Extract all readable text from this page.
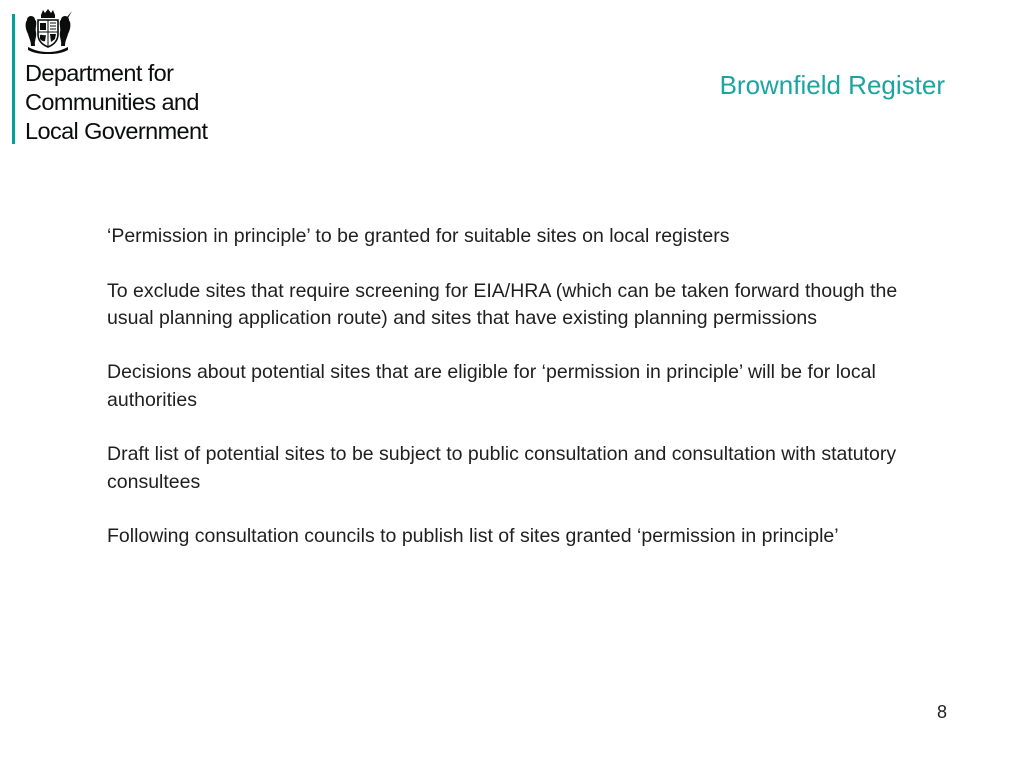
Department for
Communities and
Local Government
Brownfield Register

‘Permission in principle’ to be granted for suitable sites on local registers

To exclude sites that require screening for EIA/HRA (which can be taken forward though the usual planning application route) and sites that have existing planning permissions

Decisions about potential sites that are eligible for ‘permission in principle’ will be for local authorities

Draft list of potential sites to be subject to public consultation and consultation with statutory consultees

Following consultation councils to publish list of sites granted ‘permission in principle’

8
